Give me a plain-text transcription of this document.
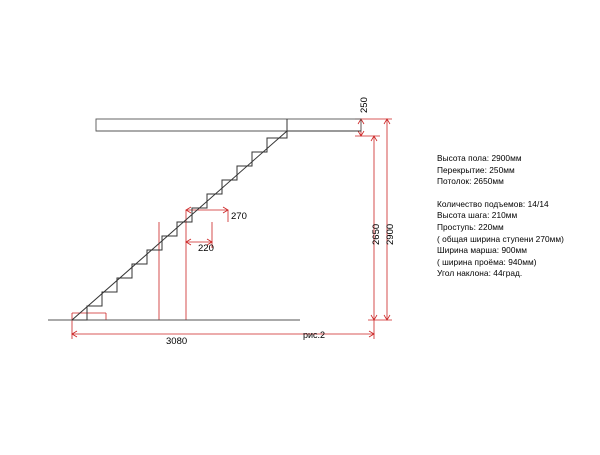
250
2650 2900
3080
270
220
рис.2
Высота пола: 2900мм
Перекрытие: 250мм
Потолок: 2650мм
Количество подъемов: 14/14
Высота шага: 210мм
Проступь: 220мм
( общая ширина ступени 270мм)
Ширина марша: 900мм
( ширина проёма: 940мм)
Угол наклона: 44град.
